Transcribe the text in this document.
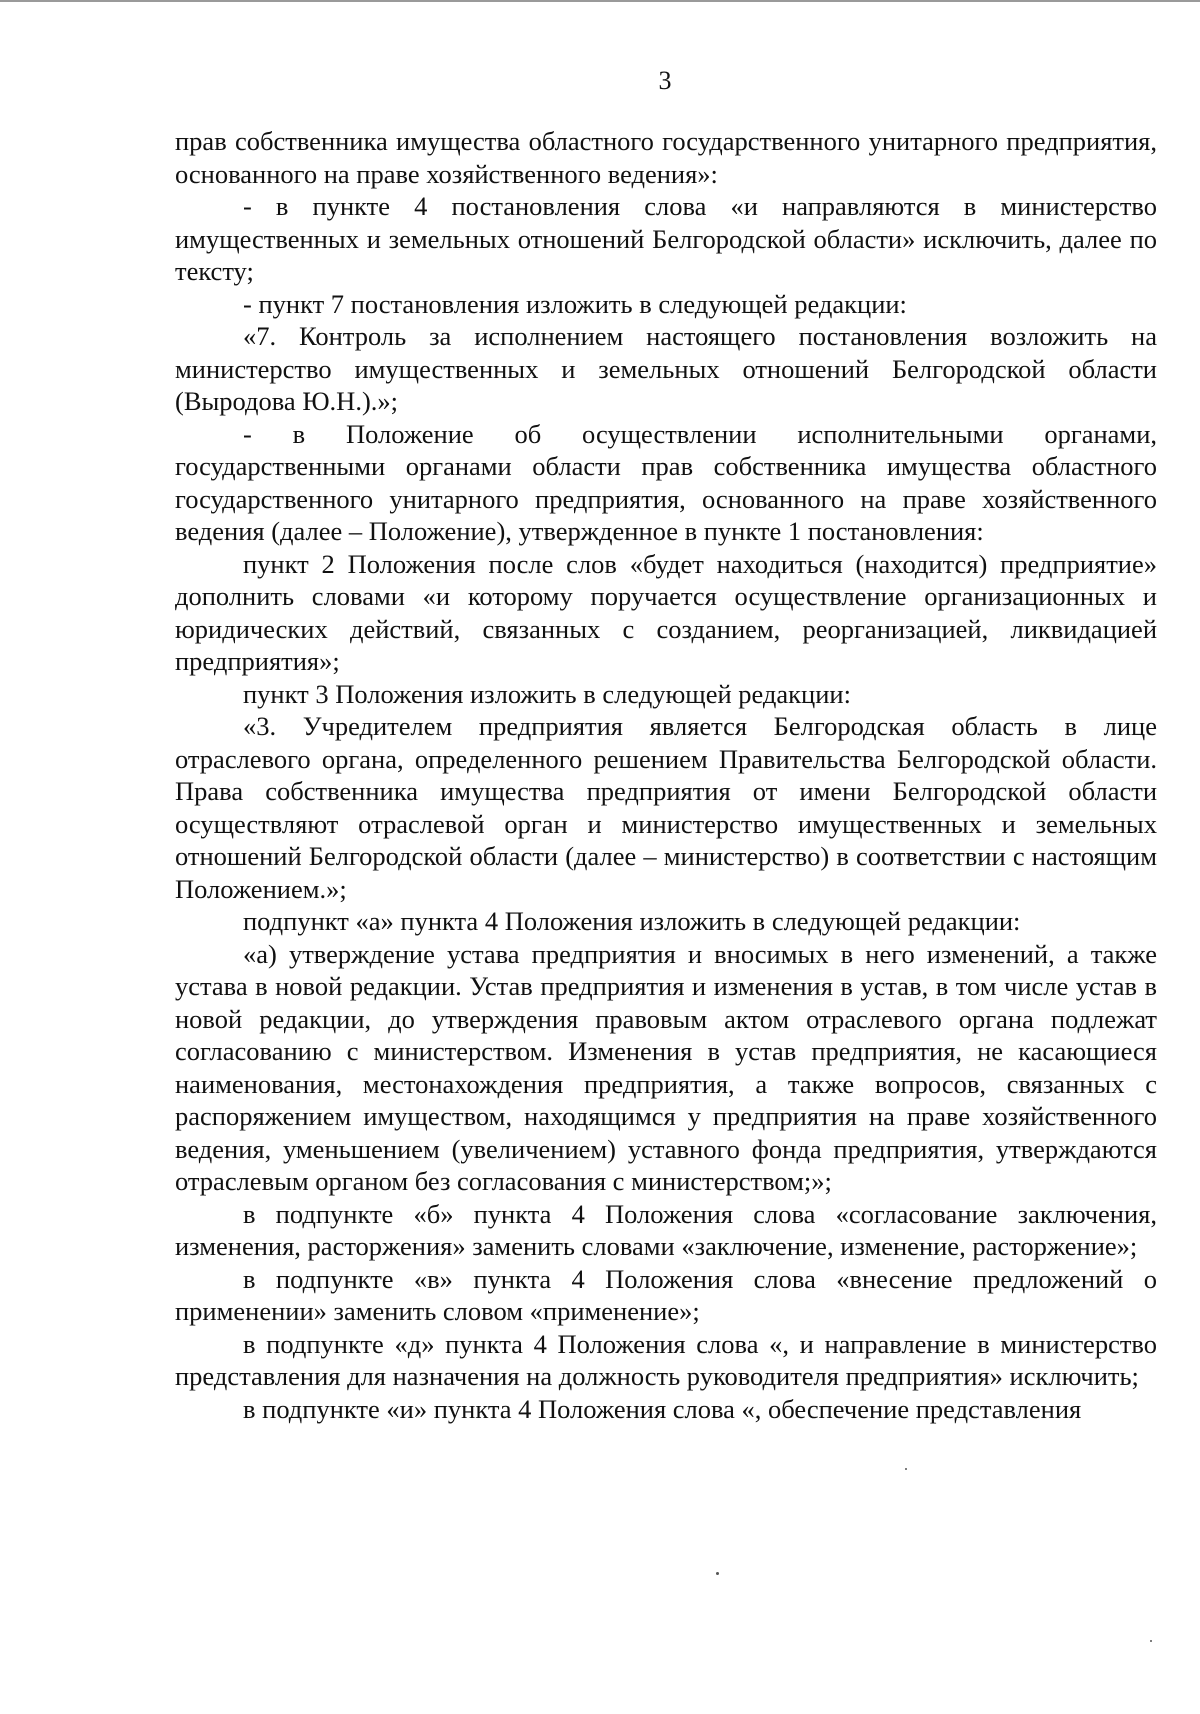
3

прав собственника имущества областного государственного унитарного предприятия, основанного на праве хозяйственного ведения»:

- в пункте 4 постановления слова «и направляются в министерство имущественных и земельных отношений Белгородской области» исключить, далее по тексту;

- пункт 7 постановления изложить в следующей редакции:

«7. Контроль за исполнением настоящего постановления возложить на министерство имущественных и земельных отношений Белгородской области (Выродова Ю.Н.).»;

- в Положение об осуществлении исполнительными органами, государственными органами области прав собственника имущества областного государственного унитарного предприятия, основанного на праве хозяйственного ведения (далее – Положение), утвержденное в пункте 1 постановления:

пункт 2 Положения после слов «будет находиться (находится) предприятие» дополнить словами «и которому поручается осуществление организационных и юридических действий, связанных с созданием, реорганизацией, ликвидацией предприятия»;

пункт 3 Положения изложить в следующей редакции:

«3. Учредителем предприятия является Белгородская область в лице отраслевого органа, определенного решением Правительства Белгородской области. Права собственника имущества предприятия от имени Белгородской области осуществляют отраслевой орган и министерство имущественных и земельных отношений Белгородской области (далее – министерство) в соответствии с настоящим Положением.»;

подпункт «а» пункта 4 Положения изложить в следующей редакции:

«а) утверждение устава предприятия и вносимых в него изменений, а также устава в новой редакции. Устав предприятия и изменения в устав, в том числе устав в новой редакции, до утверждения правовым актом отраслевого органа подлежат согласованию с министерством. Изменения в устав предприятия, не касающиеся наименования, местонахождения предприятия, а также вопросов, связанных с распоряжением имуществом, находящимся у предприятия на праве хозяйственного ведения, уменьшением (увеличением) уставного фонда предприятия, утверждаются отраслевым органом без согласования с министерством;»;

в подпункте «б» пункта 4 Положения слова «согласование заключения, изменения, расторжения» заменить словами «заключение, изменение, расторжение»;

в подпункте «в» пункта 4 Положения слова «внесение предложений о применении» заменить словом «применение»;

в подпункте «д» пункта 4 Положения слова «, и направление в министерство представления для назначения на должность руководителя предприятия» исключить;

в подпункте «и» пункта 4 Положения слова «, обеспечение представления
